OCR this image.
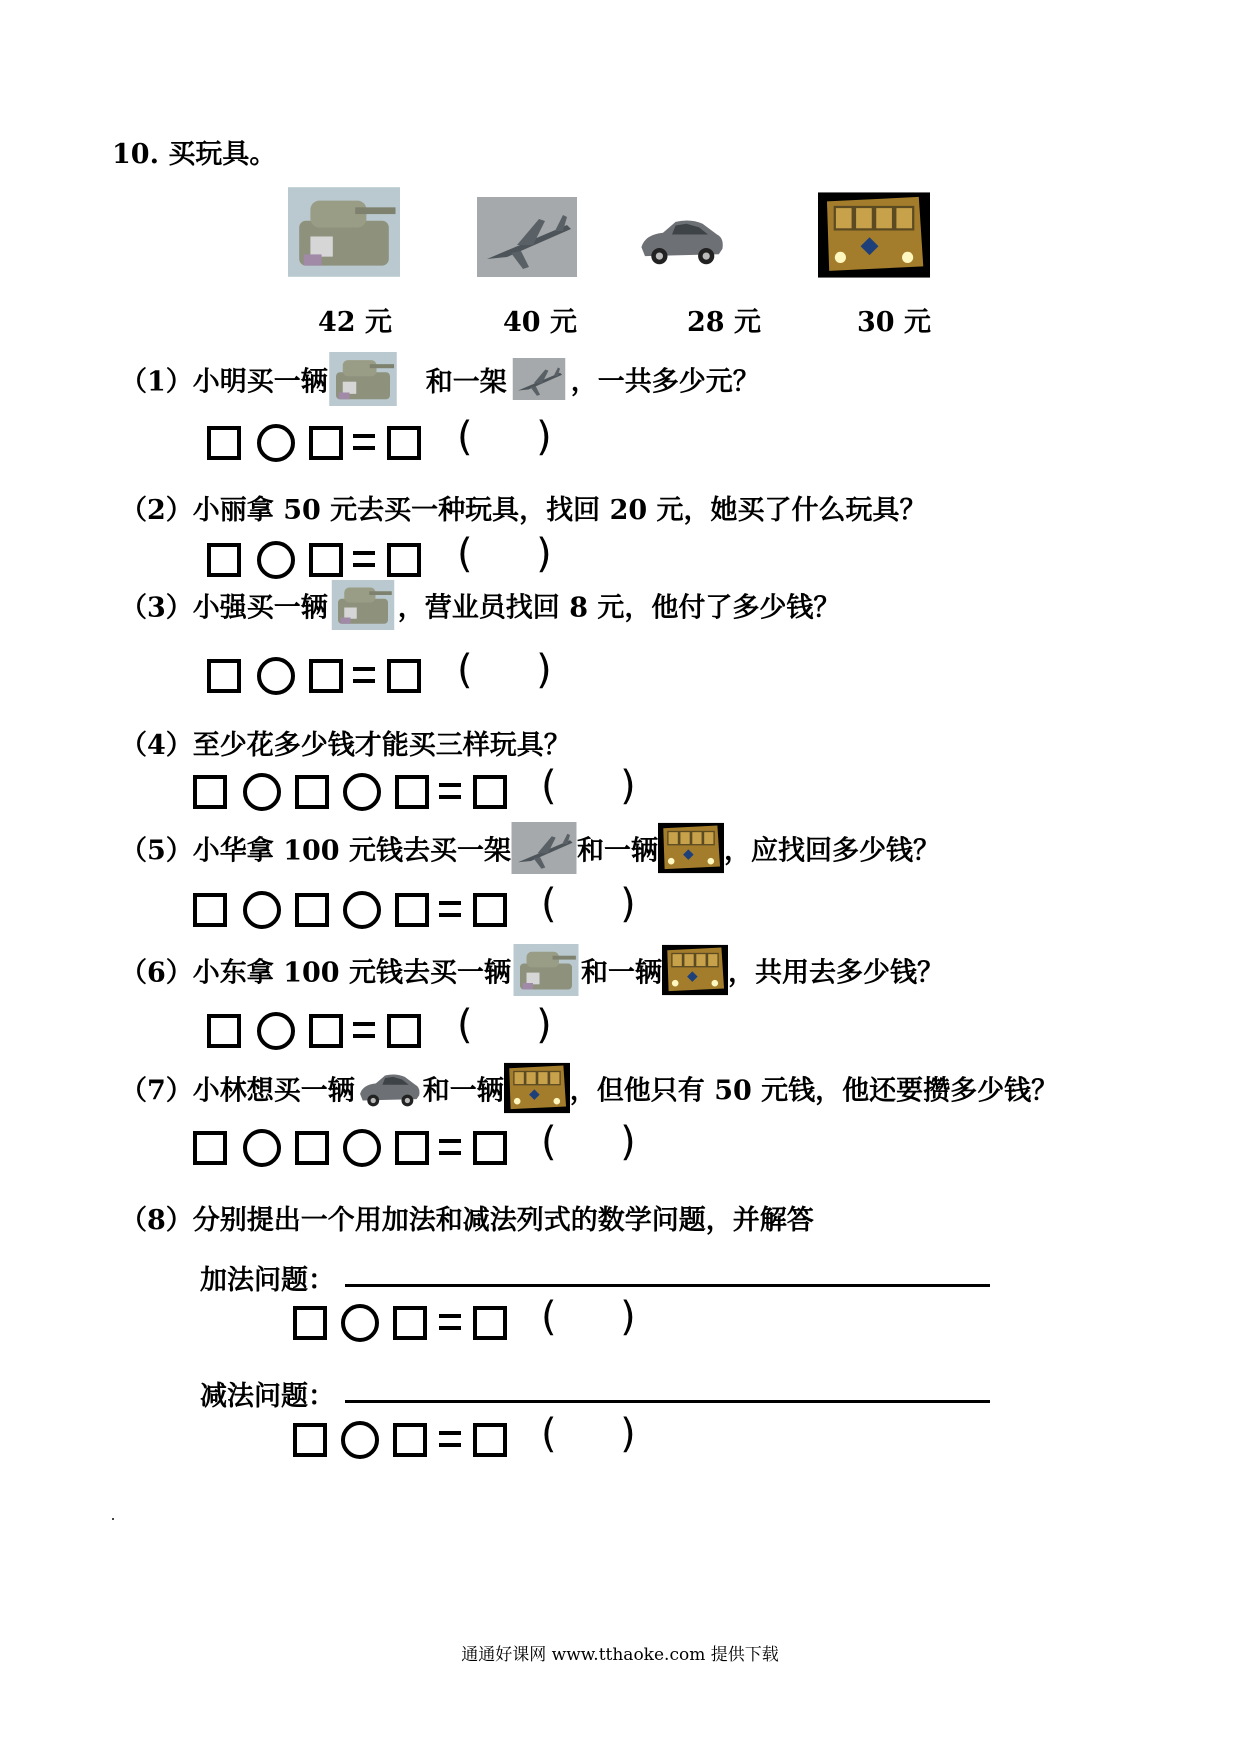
10. 买玩具。
42 元	40 元	28 元	30 元
（1）小明买一辆	和一架 ，一共多少元？
(     )
（2）小丽拿 50 元去买一种玩具，找回 20 元，她买了什么玩具？
(     )
（3）小强买一辆	，营业员找回 8 元，他付了多少钱？
(     )
（4）至少花多少钱才能买三样玩具？
(     )
（5）小华拿 100 元钱去买一架 和一辆 ，应找回多少钱？
(     )
（6）小东拿 100 元钱去买一辆	和一辆 ，共用去多少钱？
(     )
（7）小林想买一辆	和一辆 ，但他只有 50 元钱，他还要攒多少钱？
(     )
（8）分别提出一个用加法和减法列式的数学问题，并解答
加法问题：
(     )
减法问题：
(     )
通通好课网 www.tthaoke.com 提供下载
